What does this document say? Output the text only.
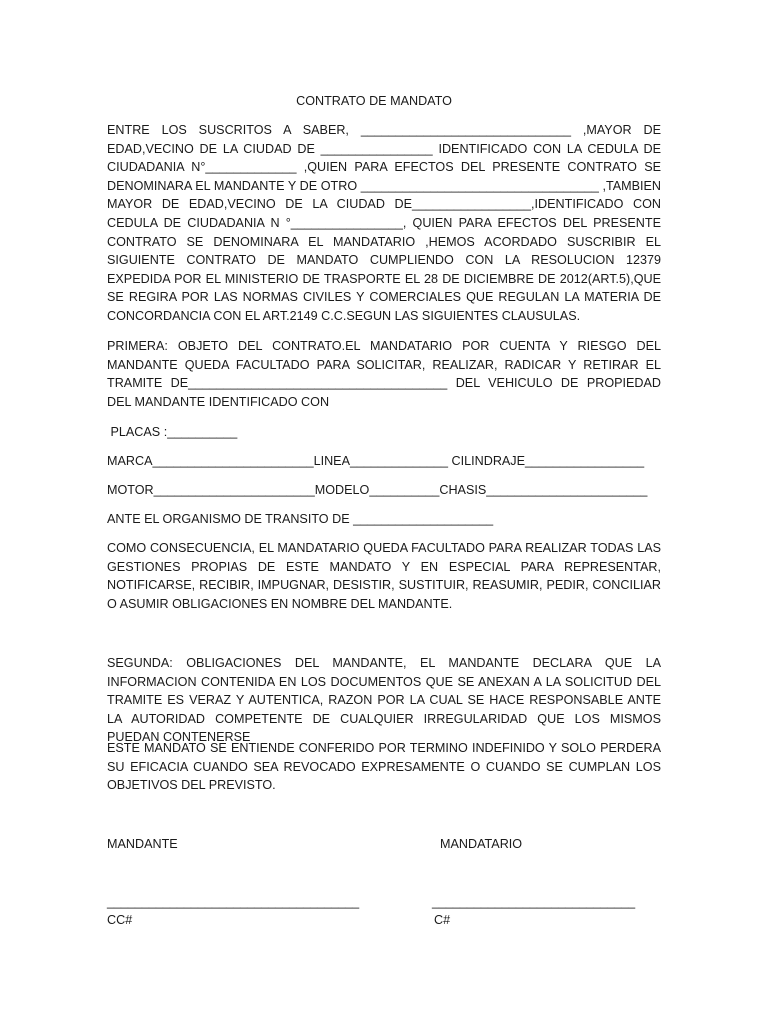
CONTRATO DE MANDATO
ENTRE LOS SUSCRITOS A SABER, ______________________________ ,MAYOR DE EDAD,VECINO DE LA CIUDAD DE ________________ IDENTIFICADO CON LA CEDULA DE CIUDADANIA N°_____________ ,QUIEN PARA EFECTOS DEL PRESENTE CONTRATO SE DENOMINARA EL MANDANTE Y DE OTRO __________________________________ ,TAMBIEN MAYOR DE EDAD,VECINO DE LA CIUDAD DE_________________,IDENTIFICADO CON CEDULA DE CIUDADANIA N °________________, QUIEN PARA EFECTOS DEL PRESENTE CONTRATO SE DENOMINARA EL MANDATARIO ,HEMOS ACORDADO SUSCRIBIR EL SIGUIENTE CONTRATO DE MANDATO CUMPLIENDO CON LA RESOLUCION 12379 EXPEDIDA POR EL MINISTERIO DE TRASPORTE EL 28 DE DICIEMBRE DE 2012(ART.5),QUE SE REGIRA POR LAS NORMAS CIVILES Y COMERCIALES QUE REGULAN LA MATERIA DE CONCORDANCIA CON EL ART.2149 C.C.SEGUN LAS SIGUIENTES CLAUSULAS.
PRIMERA: OBJETO DEL CONTRATO.EL MANDATARIO POR CUENTA Y RIESGO DEL MANDANTE QUEDA FACULTADO PARA SOLICITAR, REALIZAR, RADICAR Y RETIRAR EL TRAMITE DE_____________________________________ DEL VEHICULO DE PROPIEDAD DEL MANDANTE IDENTIFICADO CON
PLACAS :__________
MARCA_______________________LINEA______________ CILINDRAJE_________________
MOTOR_______________________MODELO__________CHASIS_______________________
ANTE EL ORGANISMO DE TRANSITO DE ____________________
COMO CONSECUENCIA, EL MANDATARIO QUEDA FACULTADO PARA REALIZAR TODAS LAS GESTIONES PROPIAS DE ESTE MANDATO Y EN ESPECIAL PARA REPRESENTAR, NOTIFICARSE, RECIBIR, IMPUGNAR, DESISTIR, SUSTITUIR, REASUMIR, PEDIR, CONCILIAR O ASUMIR OBLIGACIONES EN NOMBRE DEL MANDANTE.
SEGUNDA: OBLIGACIONES DEL MANDANTE, EL MANDANTE DECLARA QUE LA INFORMACION CONTENIDA EN LOS DOCUMENTOS QUE SE ANEXAN A LA SOLICITUD DEL TRAMITE ES VERAZ Y AUTENTICA, RAZON POR LA CUAL SE HACE RESPONSABLE ANTE LA AUTORIDAD COMPETENTE DE CUALQUIER IRREGULARIDAD QUE LOS MISMOS PUEDAN CONTENERSE
ESTE MANDATO SE ENTIENDE CONFERIDO POR TERMINO INDEFINIDO Y SOLO PERDERA SU EFICACIA CUANDO SEA REVOCADO EXPRESAMENTE O CUANDO SE CUMPLAN LOS OBJETIVOS DEL PREVISTO.
MANDANTE	MANDATARIO
____________________________________	_____________________________
CC#	C#
